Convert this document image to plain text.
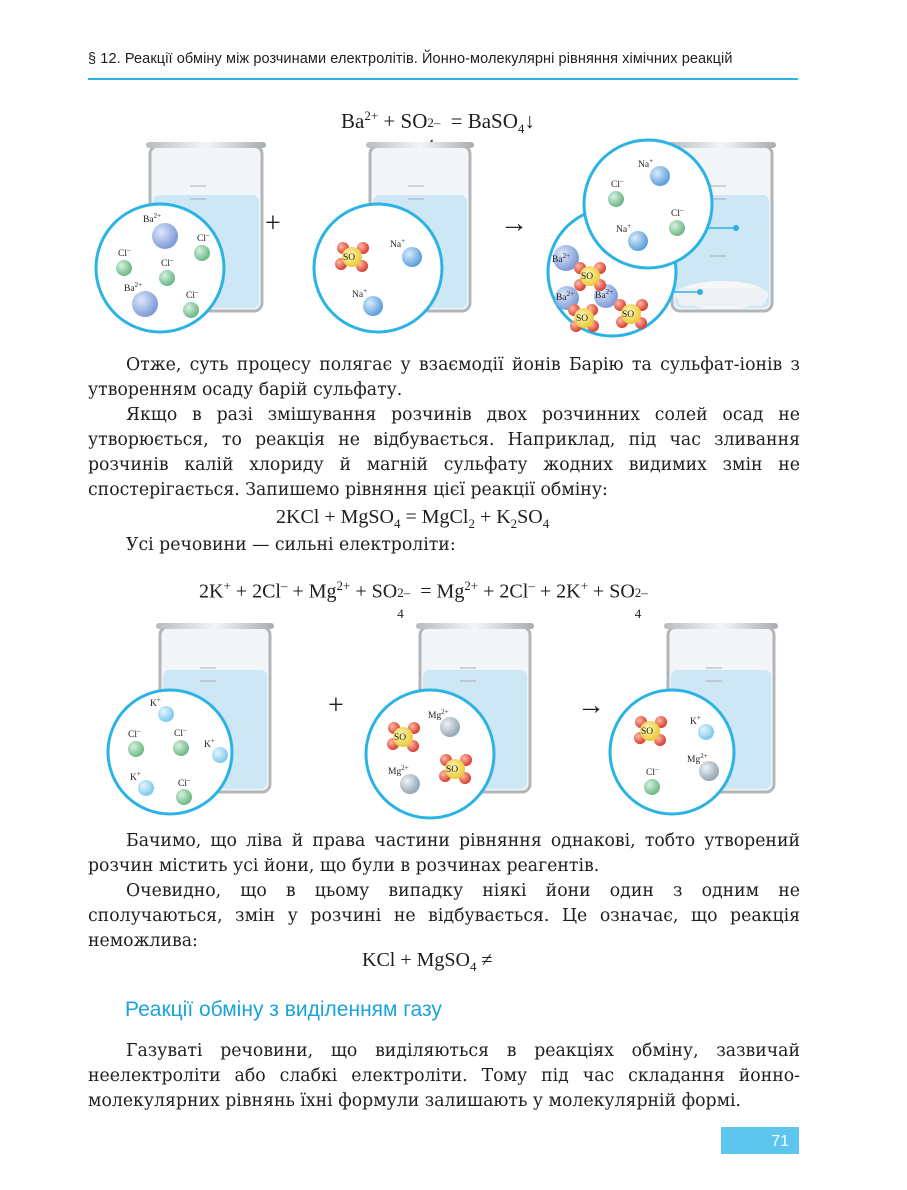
§ 12. Реакції обміну між розчинами електролітів. Йонно-молекулярні рівняння хімічних реакцій
$Ba^{2+}$ + SO 2– = BaSO$_4$↓
$Ba^{2+}$
$Ba^{2+}$
Cl–
Cl–
Cl–
Cl–
+
SO
Na+
Na+
→
SO
SO
SO
$Ba^{2+}$
$Ba^{2+}$ $Ba^{2+}$
Na+
Na+
Cl–
Cl–
Отже, суть процесу полягає у взаємодії йонів Барію та сульфат-іонів з утворенням осаду барій сульфату.
Якщо в разі змішування розчинів двох розчинних солей осад не утворюється, то реакція не відбувається. Наприклад, під час зливання розчинів калій хлориду й магній сульфату жодних видимих змін не спостерігається. Запишемо рівняння цієї реакції обміну:
2KCl + MgSO$_4$ = MgCl$_2$ + $K_2SO_4$
Усі речовини — сильні електроліти:
$2K^+ + 2Cl^- + Mg^{2+}$ + SO 2–
4
= $Mg^{2+} + 2Cl^- + 2K^+$ + SO 2–
4
K+
K+
K+
Cl–	Cl–
Cl–
+
SO
SO
$Mg^{2+}$
$Mg^{2+}$
→
SO
K+
$Mg^{2+}$
Cl–
Бачимо, що ліва й права частини рівняння однакові, тобто утворений розчин містить усі йони, що були в розчинах реагентів.
Очевидно, що в цьому випадку ніякі йони один з одним не сполучаються, змін у розчині не відбувається. Це означає, що реакція неможлива:
KCl + MgSO$_4$ ≠
Реакції обміну з виділенням газу
Газуваті речовини, що виділяються в реакціях обміну, зазвичай неелектроліти або слабкі електроліти. Тому під час складання йонно-молекулярних рівнянь їхні формули залишають у молекулярній формі.
71
